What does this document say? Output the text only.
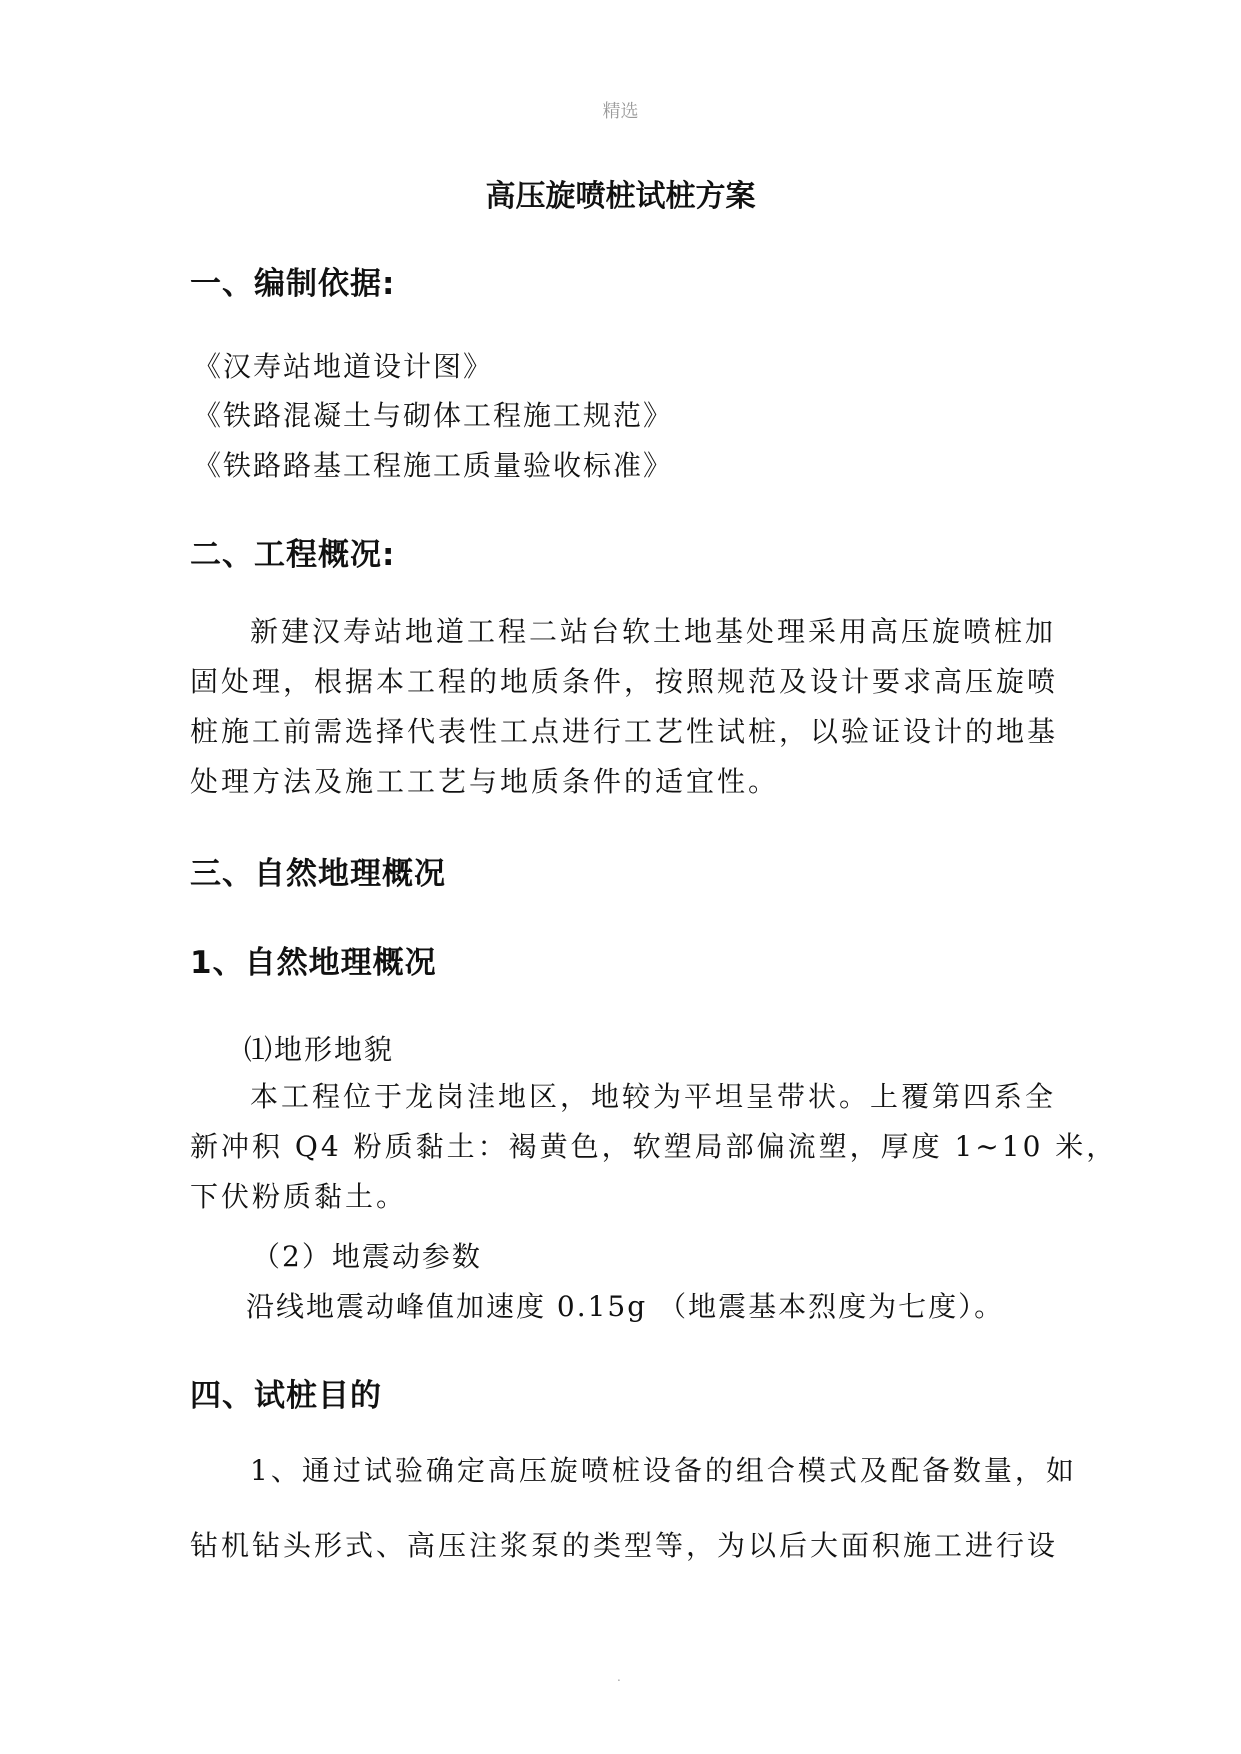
精选
高压旋喷桩试桩方案
一、编制依据:
《汉寿站地道设计图》
《铁路混凝土与砌体工程施工规范》
《铁路路基工程施工质量验收标准》
二、工程概况:
新建汉寿站地道工程二站台软土地基处理采用高压旋喷桩加
固处理，根据本工程的地质条件，按照规范及设计要求高压旋喷
桩施工前需选择代表性工点进行工艺性试桩，以验证设计的地基
处理方法及施工工艺与地质条件的适宜性。
三、自然地理概况
1、自然地理概况
⑴地形地貌
本工程位于龙岗洼地区，地较为平坦呈带状。上覆第四系全
新冲积 Q4 粉质黏土：褐黄色，软塑局部偏流塑，厚度 1~10 米，
下伏粉质黏土。
（2）地震动参数
沿线地震动峰值加速度 0.15g （地震基本烈度为七度）。
四、试桩目的
1、通过试验确定高压旋喷桩设备的组合模式及配备数量，如
钻机钻头形式、高压注浆泵的类型等，为以后大面积施工进行设
.
